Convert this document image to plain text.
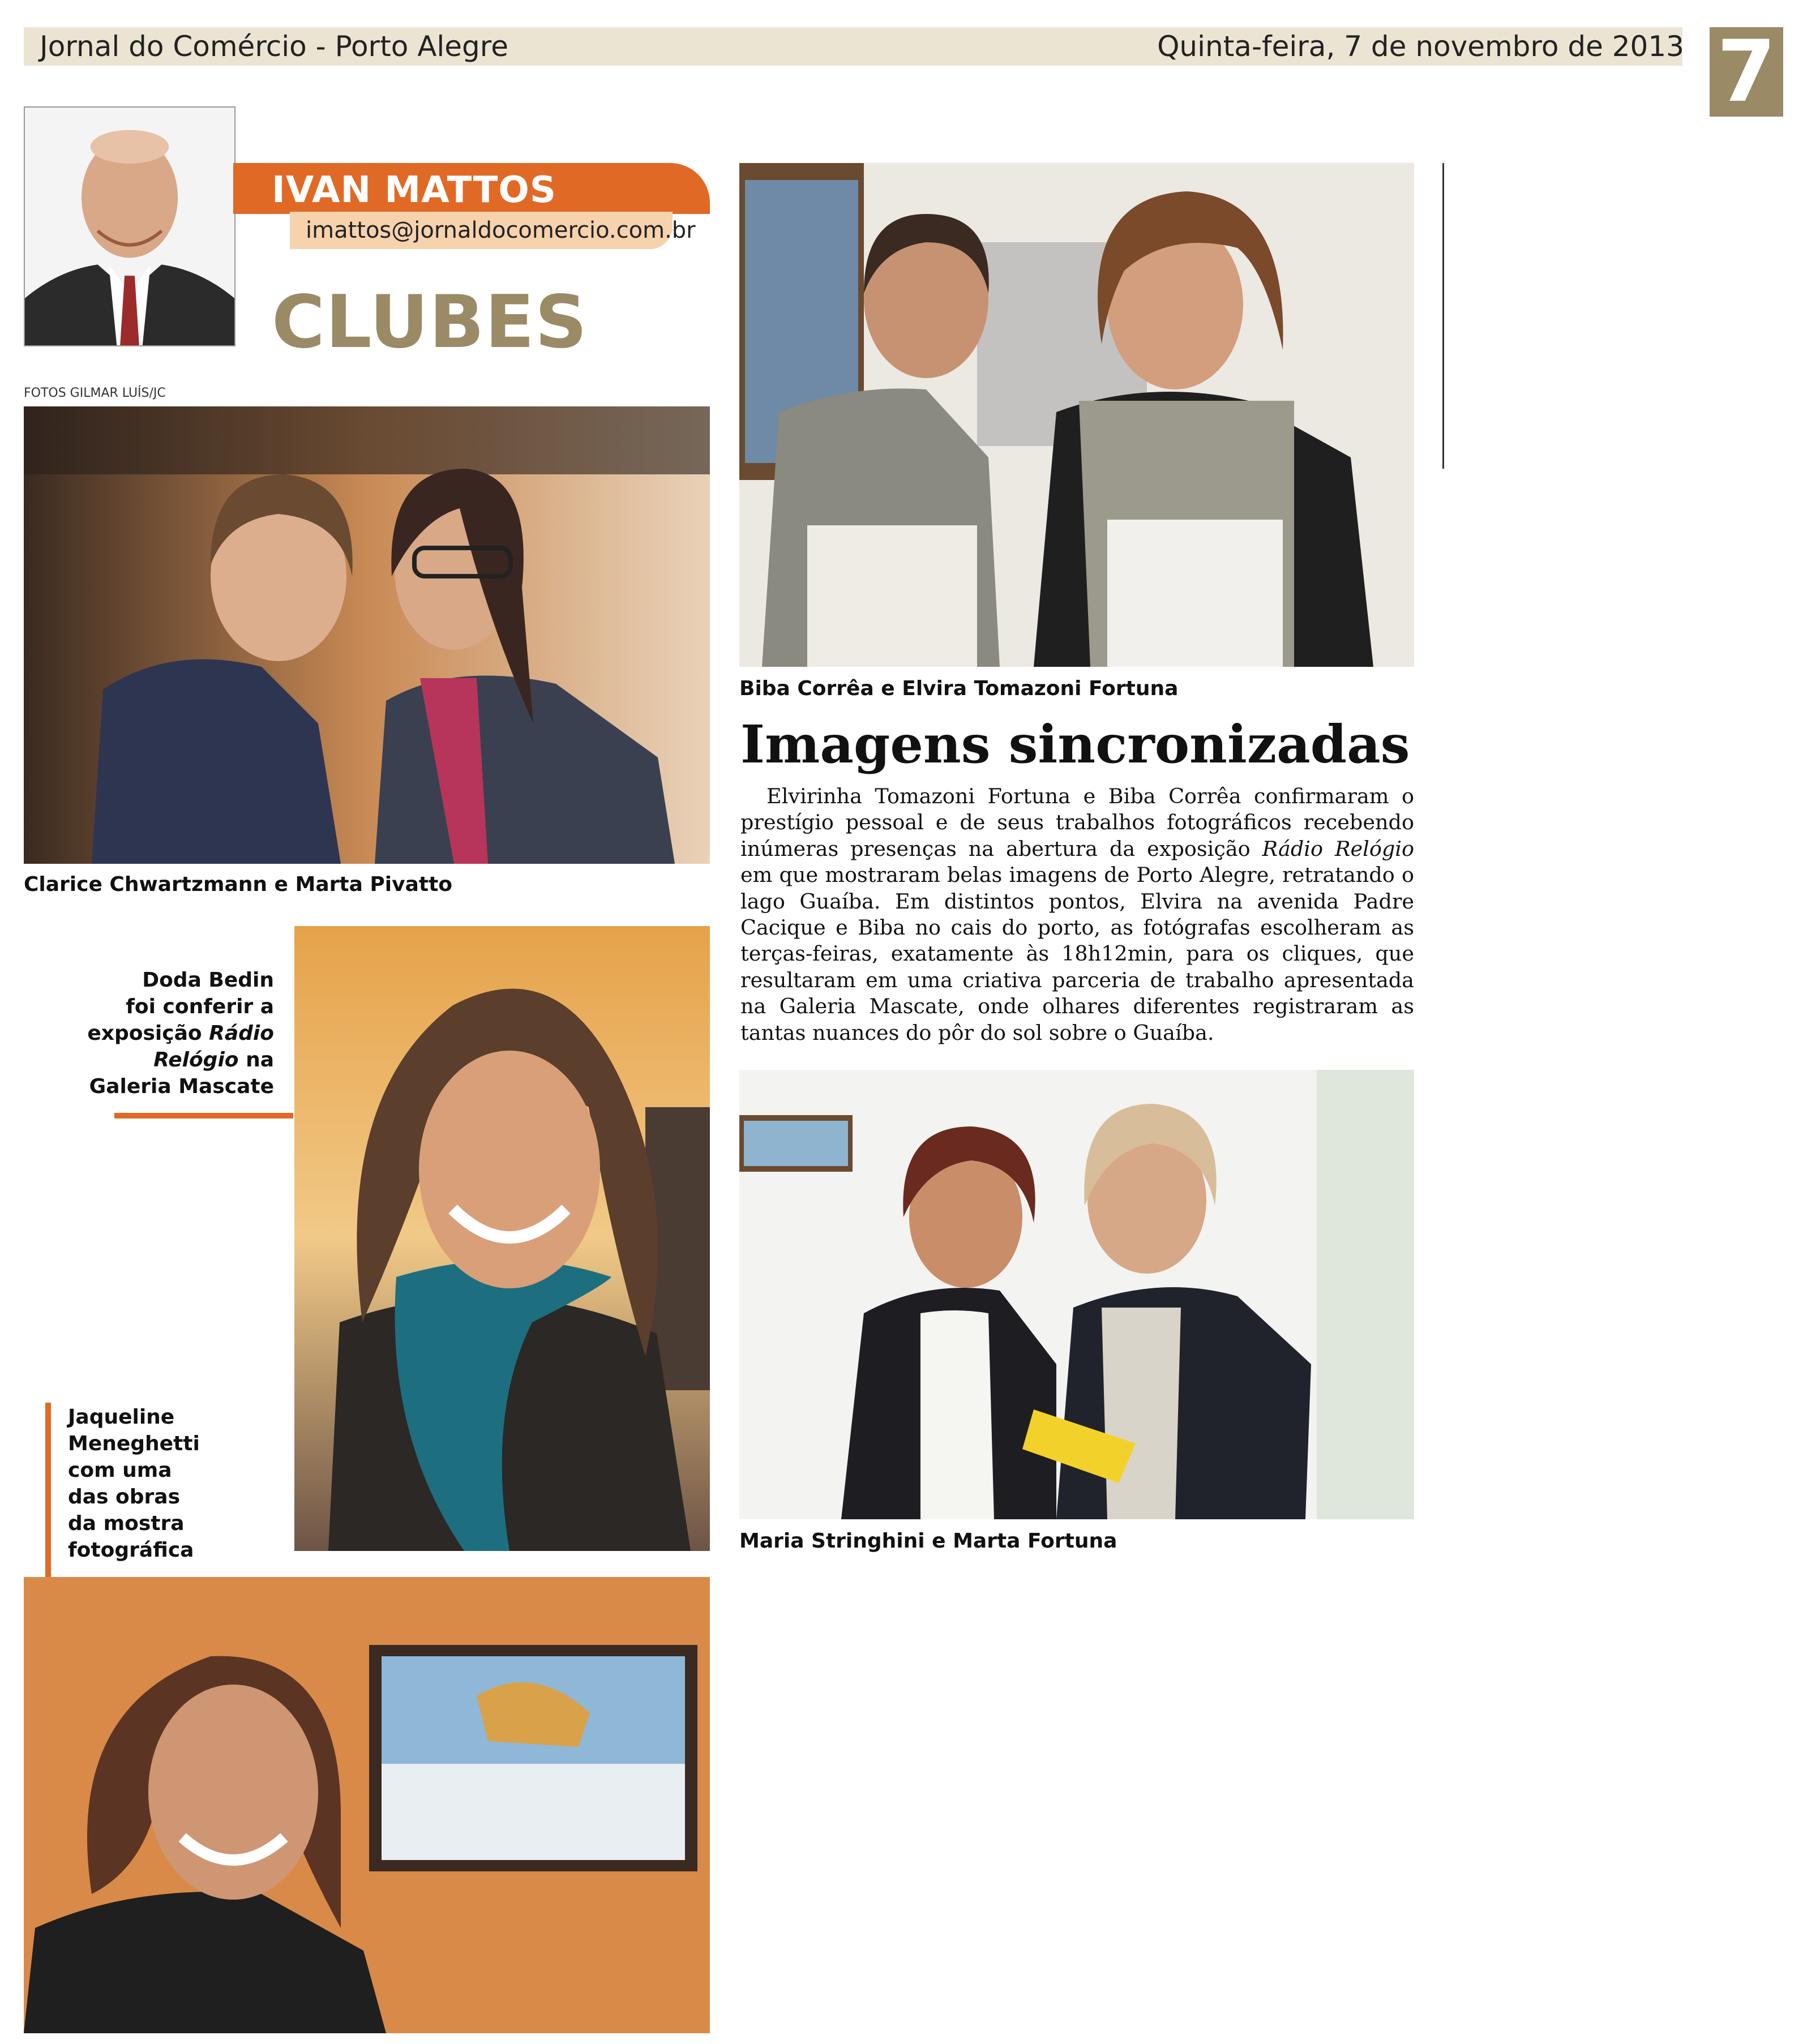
Jornal do Comércio - Porto Alegre	Quinta-feira, 7 de novembro de 2013 7
IVAN MATTOS
imattos@jornaldocomercio.com.br
CLUBES
FOTOS GILMAR LUÍS/JC
Clarice Chwartzmann e Marta Pivatto
Doda Bedin
foi conferir a
exposição Rádio
Relógio na
Galeria Mascate
Jaqueline
Meneghetti
com uma
das obras
da mostra
fotográfica
Biba Corrêa e Elvira Tomazoni Fortuna
Imagens sincronizadas
Elvirinha Tomazoni Fortuna e Biba Corrêa confirmaram o prestígio pessoal e de seus trabalhos fotográficos recebendo inúmeras presenças na abertura da exposição Rádio Relógio em que mostraram belas imagens de Porto Alegre, retratando o lago Guaíba. Em distintos pontos, Elvira na avenida Padre Cacique e Biba no cais do porto, as fotógrafas escolheram as terças-feiras, exatamente às 18h12min, para os cliques, que resultaram em uma criativa parceria de trabalho apresentada na Galeria Mascate, onde olhares diferentes registraram as tantas nuances do pôr do sol sobre o Guaíba.
Maria Stringhini e Marta Fortuna
